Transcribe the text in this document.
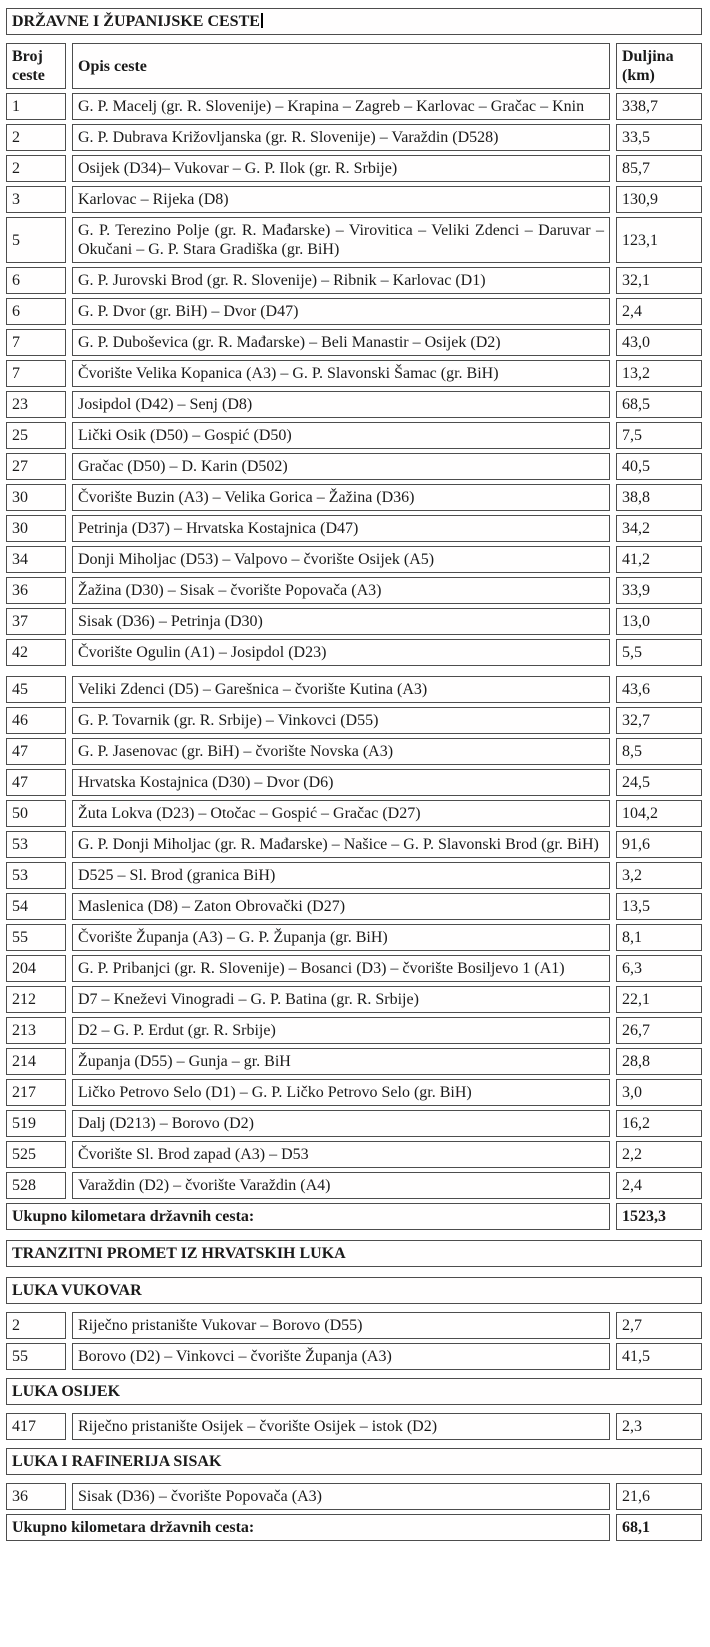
DRŽAVNE I ŽUPANIJSKE CESTE
Broj ceste	Opis ceste	Duljina (km)
1	G. P. Macelj (gr. R. Slovenije) – Krapina – Zagreb – Karlovac – Gračac – Knin	338,7
2	G. P. Dubrava Križovljanska (gr. R. Slovenije) – Varaždin (D528)	33,5
2	Osijek (D34)– Vukovar – G. P. Ilok (gr. R. Srbije)	85,7
3	Karlovac – Rijeka (D8)	130,9
5	G. P. Terezino Polje (gr. R. Mađarske) – Virovitica – Veliki Zdenci – Daruvar – Okučani – G. P. Stara Gradiška (gr. BiH)	123,1
6	G. P. Jurovski Brod (gr. R. Slovenije) – Ribnik – Karlovac (D1)	32,1
6	G. P. Dvor (gr. BiH) – Dvor (D47)	2,4
7	G. P. Duboševica (gr. R. Mađarske) – Beli Manastir – Osijek (D2)	43,0
7	Čvorište Velika Kopanica (A3) – G. P. Slavonski Šamac (gr. BiH)	13,2
23	Josipdol (D42) – Senj (D8)	68,5
25	Lički Osik (D50) – Gospić (D50)	7,5
27	Gračac (D50) – D. Karin (D502)	40,5
30	Čvorište Buzin (A3) – Velika Gorica – Žažina (D36)	38,8
30	Petrinja (D37) – Hrvatska Kostajnica (D47)	34,2
34	Donji Miholjac (D53) – Valpovo – čvorište Osijek (A5)	41,2
36	Žažina (D30) – Sisak – čvorište Popovača (A3)	33,9
37	Sisak (D36) – Petrinja (D30)	13,0
42	Čvorište Ogulin (A1) – Josipdol (D23)	5,5
45	Veliki Zdenci (D5) – Garešnica – čvorište Kutina (A3)	43,6
46	G. P. Tovarnik (gr. R. Srbije) – Vinkovci (D55)	32,7
47	G. P. Jasenovac (gr. BiH) – čvorište Novska (A3)	8,5
47	Hrvatska Kostajnica (D30) – Dvor (D6)	24,5
50	Žuta Lokva (D23) – Otočac – Gospić – Gračac (D27)	104,2
53	G. P. Donji Miholjac (gr. R. Mađarske) – Našice – G. P. Slavonski Brod (gr. BiH)	91,6
53	D525 – Sl. Brod (granica BiH)	3,2
54	Maslenica (D8) – Zaton Obrovački (D27)	13,5
55	Čvorište Županja (A3) – G. P. Županja (gr. BiH)	8,1
204	G. P. Pribanjci (gr. R. Slovenije) – Bosanci (D3) – čvorište Bosiljevo 1 (A1)	6,3
212	D7 – Kneževi Vinogradi – G. P. Batina (gr. R. Srbije)	22,1
213	D2 – G. P. Erdut (gr. R. Srbije)	26,7
214	Županja (D55) – Gunja – gr. BiH	28,8
217	Ličko Petrovo Selo (D1) – G. P. Ličko Petrovo Selo (gr. BiH)	3,0
519	Dalj (D213) – Borovo (D2)	16,2
525	Čvorište Sl. Brod zapad (A3) – D53	2,2
528	Varaždin (D2) – čvorište Varaždin (A4)	2,4
Ukupno kilometara državnih cesta:		1523,3
TRANZITNI PROMET IZ HRVATSKIH LUKA
LUKA VUKOVAR
2	Riječno pristanište Vukovar – Borovo (D55)	2,7
55	Borovo (D2) – Vinkovci – čvorište Županja (A3)	41,5
LUKA OSIJEK
417	Riječno pristanište Osijek – čvorište Osijek – istok (D2)	2,3
LUKA I RAFINERIJA SISAK
36	Sisak (D36) – čvorište Popovača (A3)	21,6
Ukupno kilometara državnih cesta:		68,1
